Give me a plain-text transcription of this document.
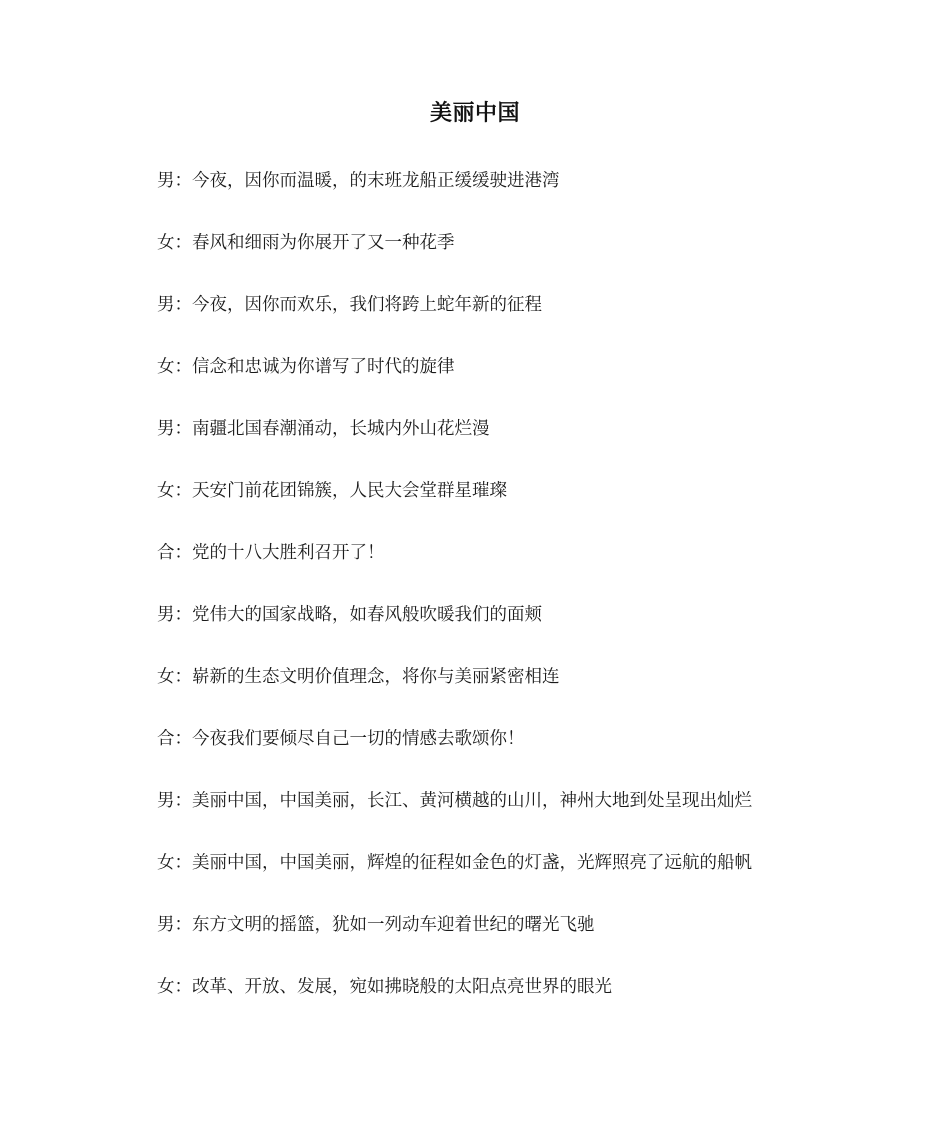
美丽中国
男：今夜，因你而温暖，的末班龙船正缓缓驶进港湾
女：春风和细雨为你展开了又一种花季
男：今夜，因你而欢乐，我们将跨上蛇年新的征程
女：信念和忠诚为你谱写了时代的旋律
男：南疆北国春潮涌动，长城内外山花烂漫
女：天安门前花团锦簇，人民大会堂群星璀璨
合：党的十八大胜利召开了！
男：党伟大的国家战略，如春风般吹暖我们的面颊
女：崭新的生态文明价值理念，将你与美丽紧密相连
合：今夜我们要倾尽自己一切的情感去歌颂你！
男：美丽中国，中国美丽，长江、黄河横越的山川，神州大地到处呈现出灿烂
女：美丽中国，中国美丽，辉煌的征程如金色的灯盏，光辉照亮了远航的船帆
男：东方文明的摇篮，犹如一列动车迎着世纪的曙光飞驰
女：改革、开放、发展，宛如拂晓般的太阳点亮世界的眼光
